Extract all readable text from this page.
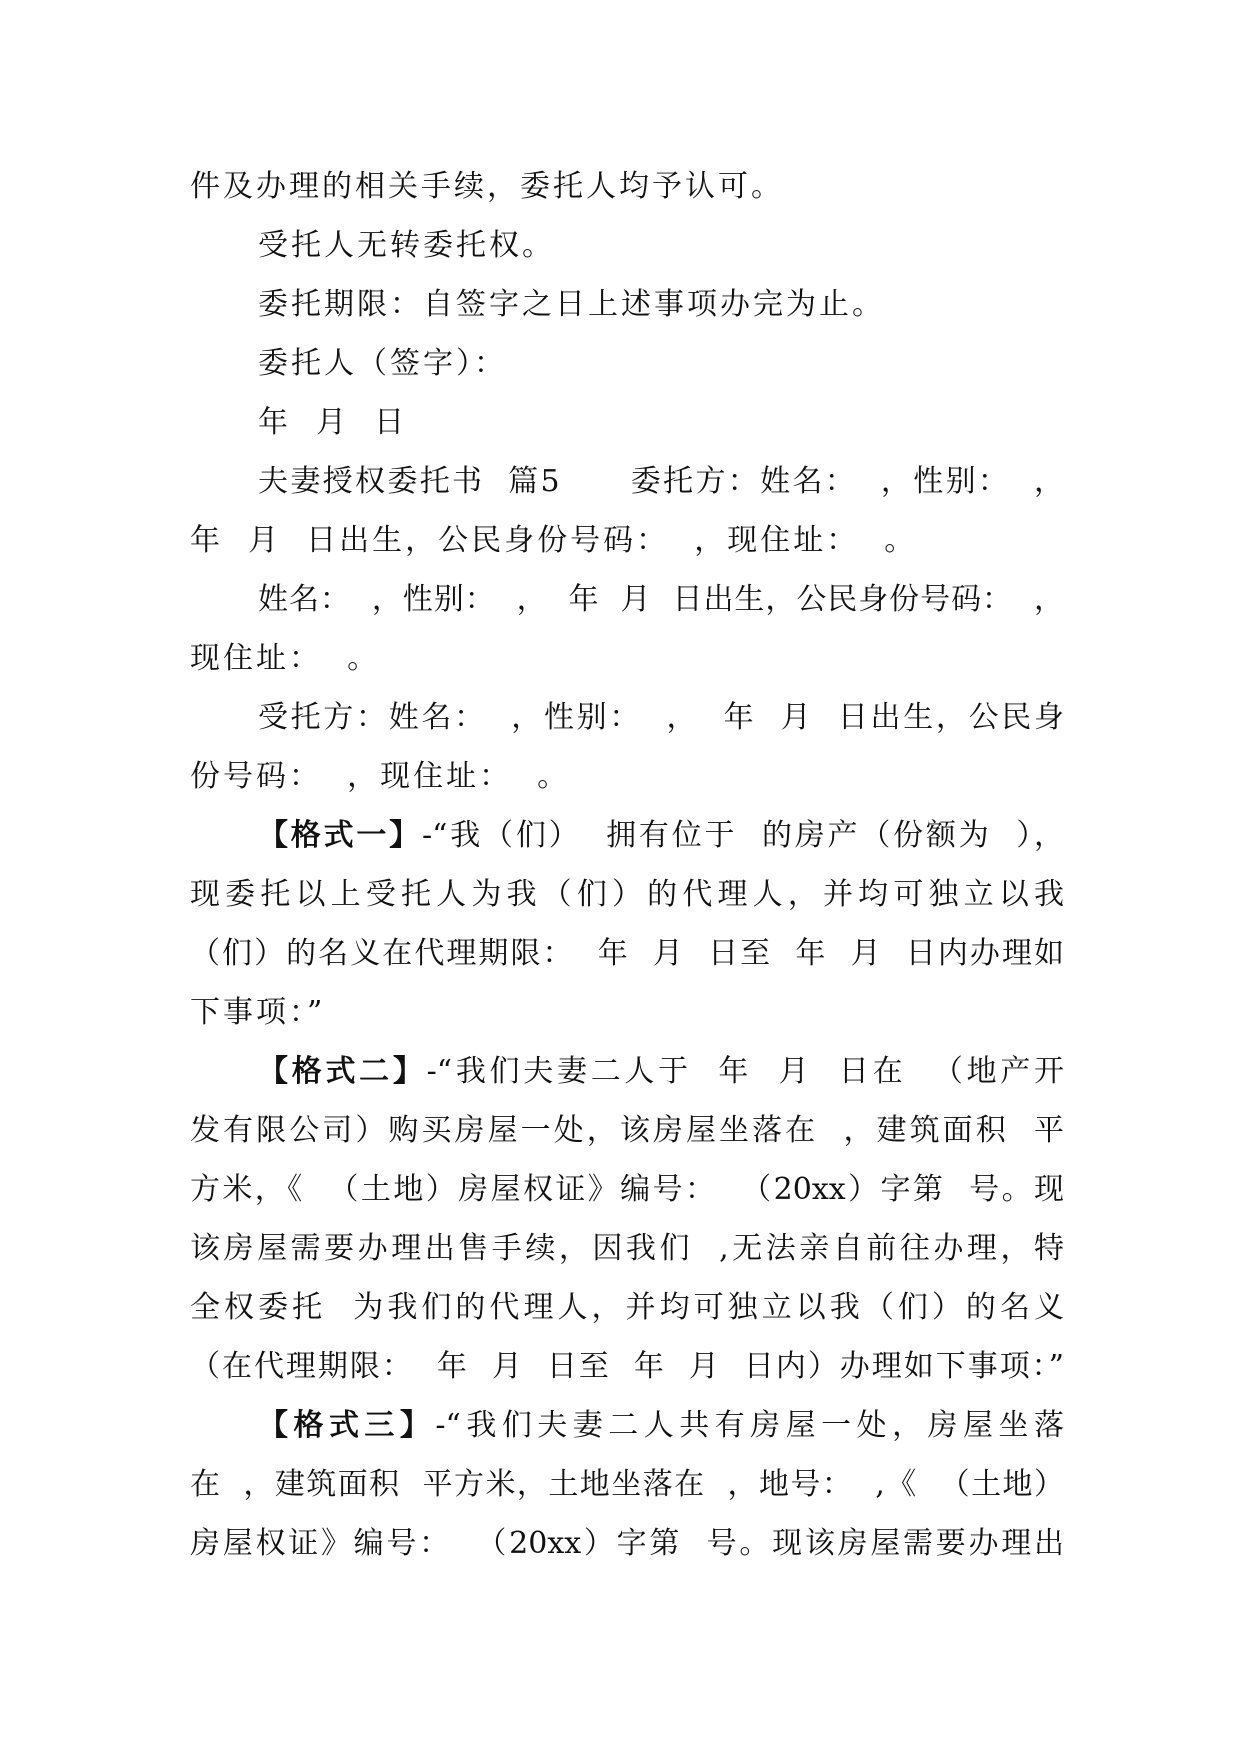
件及办理的相关手续，委托人均予认可。
受托人无转委托权。
委托期限：自签字之日上述事项办完为止。
委托人（签字）：
年  月  日
夫妻授权委托书  篇5      委托方：姓名：  ，性别：  ，
年  月  日出生，公民身份号码：  ，现住址：  。
姓名：  ，性别：  ，  年  月  日出生，公民身份号码：  ，
现住址：  。
受托方：姓名：  ，性别：  ，  年  月  日出生，公民身
份号码：  ，现住址：  。
【格式一】-“我（们）  拥有位于  的房产（份额为  ），
现委托以上受托人为我（们）的代理人，并均可独立以我
（们）的名义在代理期限：  年  月  日至  年  月  日内办理如
下事项：”
【格式二】-“我们夫妻二人于  年  月  日在  （地产开
发有限公司）购买房屋一处，该房屋坐落在  ，建筑面积  平
方米，《  （土地）房屋权证》编号：  （20xx）字第  号。现
该房屋需要办理出售手续，因我们  ,无法亲自前往办理，特
全权委托  为我们的代理人，并均可独立以我（们）的名义
（在代理期限：  年  月  日至  年  月  日内）办理如下事项：”
【格式三】-“我们夫妻二人共有房屋一处，房屋坐落
在  ，建筑面积  平方米，土地坐落在  ，地号：  ,《  （土地）
房屋权证》编号：  （20xx）字第  号。现该房屋需要办理出
